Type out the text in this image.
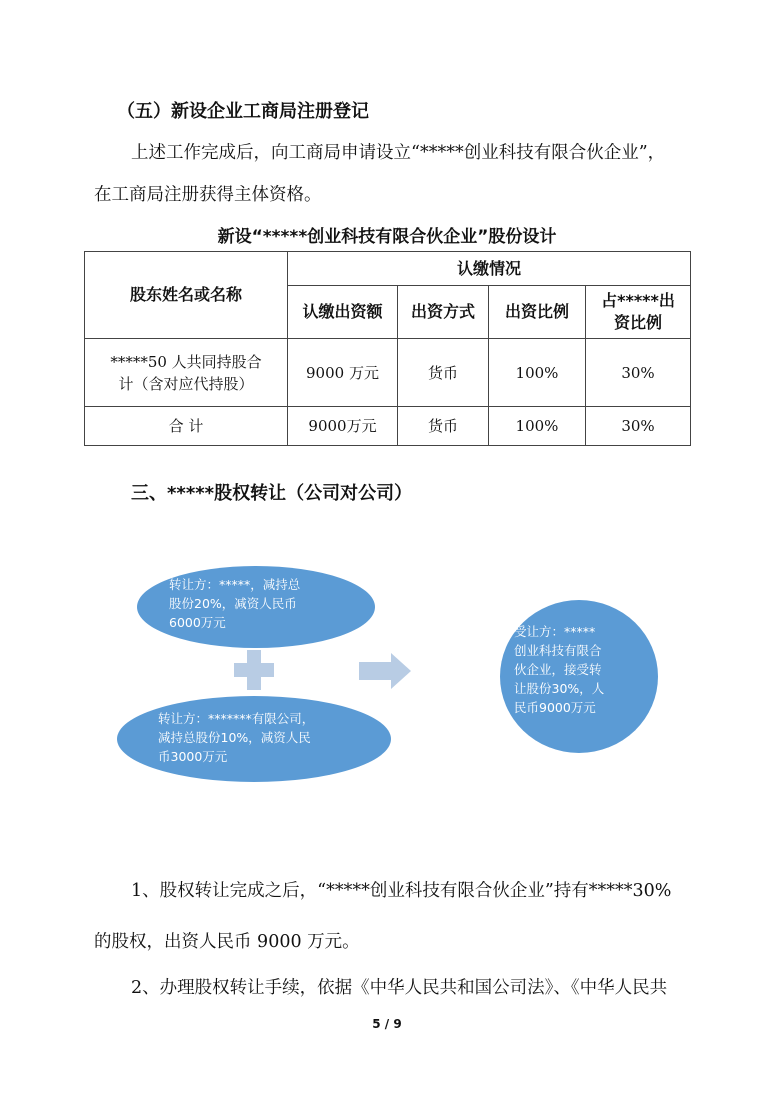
（五）新设企业工商局注册登记
上述工作完成后，向工商局申请设立“*****创业科技有限合伙企业”，
在工商局注册获得主体资格。
新设“*****创业科技有限合伙企业”股份设计
股东姓名或名称	认缴情况			
	认缴出资额	出资方式	出资比例	占*****出
资比例

*****50 人共同持股合
计（含对应代持股）	9000 万元	货币	100%	30%
合 计	9000万元	货币	100%	30%
三、*****股权转让（公司对公司）
转让方：*****，减持总
股份20%，减资人民币
6000万元
转让方：*******有限公司，
减持总股份10%，减资人民
币3000万元
受让方：*****
创业科技有限合
伙企业，接受转
让股份30%，人
民币9000万元
1、股权转让完成之后，“*****创业科技有限合伙企业”持有*****30%
的股权，出资人民币 9000 万元。
2、办理股权转让手续，依据《中华人民共和国公司法》、《中华人民共
5 / 9
